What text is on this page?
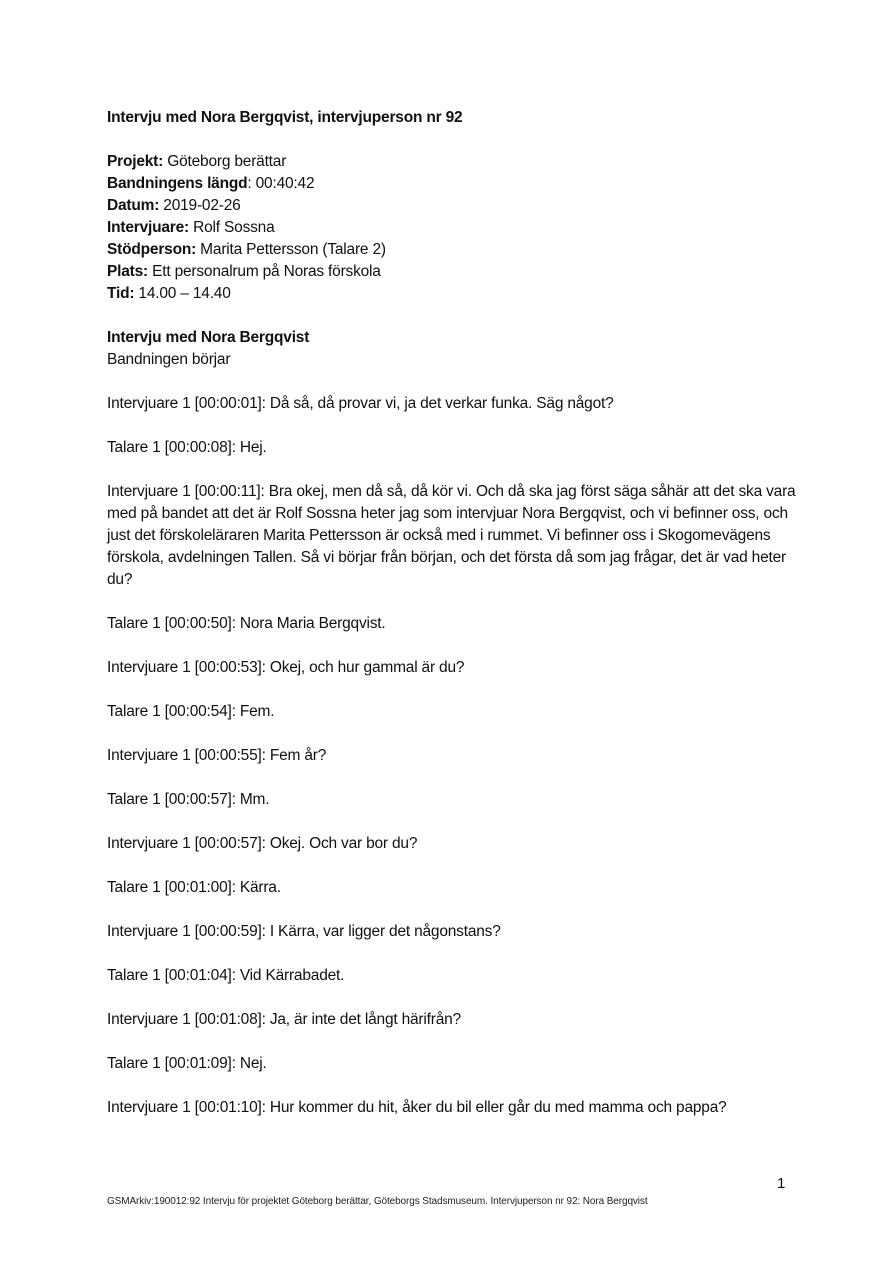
Intervju med Nora Bergqvist, intervjuperson nr 92

Projekt: Göteborg berättar

Bandningens längd: 00:40:42

Datum: 2019-02-26

Intervjuare: Rolf Sossna

Stödperson: Marita Pettersson (Talare 2)

Plats: Ett personalrum på Noras förskola

Tid: 14.00 – 14.40

Intervju med Nora Bergqvist

Bandningen börjar

Intervjuare 1 [00:00:01]: Då så, då provar vi, ja det verkar funka. Säg något?

Talare 1 [00:00:08]: Hej.

Intervjuare 1 [00:00:11]: Bra okej, men då så, då kör vi. Och då ska jag först säga såhär att det ska vara med på bandet att det är Rolf Sossna heter jag som intervjuar Nora Bergqvist, och vi befinner oss, och just det förskoleläraren Marita Pettersson är också med i rummet. Vi befinner oss i Skogomevägens förskola, avdelningen Tallen. Så vi börjar från början, och det första då som jag frågar, det är vad heter du?

Talare 1 [00:00:50]: Nora Maria Bergqvist.

Intervjuare 1 [00:00:53]: Okej, och hur gammal är du?

Talare 1 [00:00:54]: Fem.

Intervjuare 1 [00:00:55]: Fem år?

Talare 1 [00:00:57]: Mm.

Intervjuare 1 [00:00:57]: Okej. Och var bor du?

Talare 1 [00:01:00]: Kärra.

Intervjuare 1 [00:00:59]: I Kärra, var ligger det någonstans?

Talare 1 [00:01:04]: Vid Kärrabadet.

Intervjuare 1 [00:01:08]: Ja, är inte det långt härifrån?

Talare 1 [00:01:09]: Nej.

Intervjuare 1 [00:01:10]: Hur kommer du hit, åker du bil eller går du med mamma och pappa?

1
GSMArkiv:190012:92 Intervju för projektet Göteborg berättar, Göteborgs Stadsmuseum. Intervjuperson nr 92: Nora Bergqvist
